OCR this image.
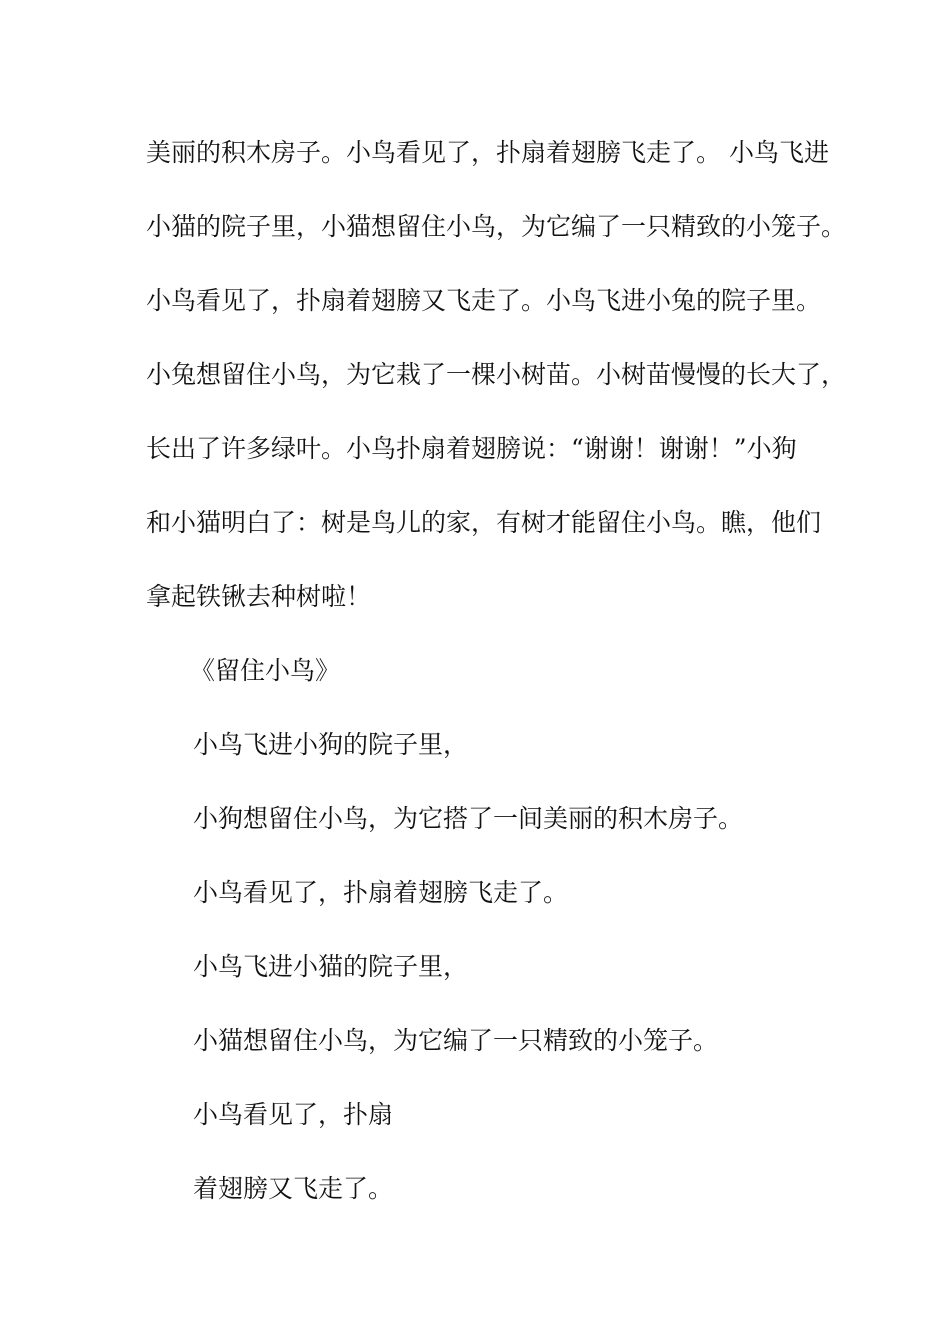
美丽的积木房子。小鸟看见了，扑扇着翅膀飞走了。 小鸟飞进
小猫的院子里，小猫想留住小鸟，为它编了一只精致的小笼子。
小鸟看见了，扑扇着翅膀又飞走了。小鸟飞进小兔的院子里。
小兔想留住小鸟，为它栽了一棵小树苗。小树苗慢慢的长大了，
长出了许多绿叶。小鸟扑扇着翅膀说：“谢谢！谢谢！”小狗
和小猫明白了：树是鸟儿的家，有树才能留住小鸟。瞧，他们
拿起铁锹去种树啦！
《留住小鸟》
小鸟飞进小狗的院子里，
小狗想留住小鸟，为它搭了一间美丽的积木房子。
小鸟看见了，扑扇着翅膀飞走了。
小鸟飞进小猫的院子里，
小猫想留住小鸟，为它编了一只精致的小笼子。
小鸟看见了，扑扇
着翅膀又飞走了。
